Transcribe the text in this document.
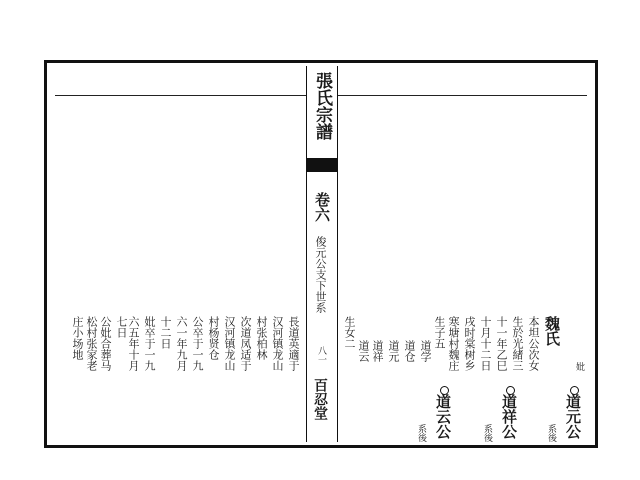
長道英適于
汉河镇龙山
村张柏林
次道凤适于
汉河镇龙山
村杨贤仓
公卒于一九
六一年九月
十二日
妣卒于一九
六五年十月
七日
公妣合葬马
松村张家老
庄小场地
張氏宗譜
卷六
俊元公支下世系
八一
百忍堂
生女二
道云 道祥 道元 道仓 道学
生子五 寒塘村魏庄 戌时棠树乡 十月十二日 十一年乙巳 生於光緒三 本坦公次女 魏氏
妣
道元公
系後
道祥公
系後
道云公
系後
